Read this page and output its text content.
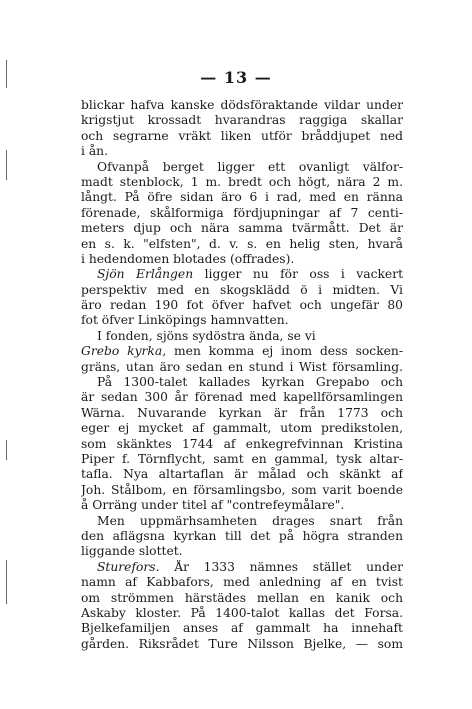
— 13 —
blickar hafva kanske dödsföraktande vildar under
krigstjut krossadt hvarandras raggiga skallar
och segrarne vräkt liken utför bråddjupet ned
i ån.
Ofvanpå berget ligger ett ovanligt välfor-
madt stenblock, 1 m. bredt och högt, nära 2 m.
långt. På öfre sidan äro 6 i rad, med en ränna
förenade, skålformiga fördjupningar af 7 centi-
meters djup och nära samma tvärmått. Det är
en s. k. "elfsten", d. v. s. en helig sten, hvarå
i hedendomen blotades (offrades).
Sjön Erlången ligger nu för oss i vackert
perspektiv med en skogsklädd ö i midten. Vi
äro redan 190 fot öfver hafvet och ungefär 80
fot öfver Linköpings hamnvatten.
I fonden, sjöns sydöstra ända, se vi
Grebo kyrka, men komma ej inom dess socken-
gräns, utan äro sedan en stund i Wist församling.
På 1300-talet kallades kyrkan Grepabo och
är sedan 300 år förenad med kapellförsamlingen
Wärna. Nuvarande kyrkan är från 1773 och
eger ej mycket af gammalt, utom predikstolen,
som skänktes 1744 af enkegrefvinnan Kristina
Piper f. Törnflycht, samt en gammal, tysk altar-
tafla. Nya altartaflan är målad och skänkt af
Joh. Stålbom, en församlingsbo, som varit boende
å Orräng under titel af "contrefeymålare".
Men uppmärhsamheten drages snart från
den aflägsna kyrkan till det på högra stranden
liggande slottet.
Sturefors. År 1333 nämnes stället under
namn af Kabbafors, med anledning af en tvist
om strömmen härstädes mellan en kanik och
Askaby kloster. På 1400-talot kallas det Forsa.
Bjelkefamiljen anses af gammalt ha innehaft
gården. Riksrådet Ture Nilsson Bjelke, — som
